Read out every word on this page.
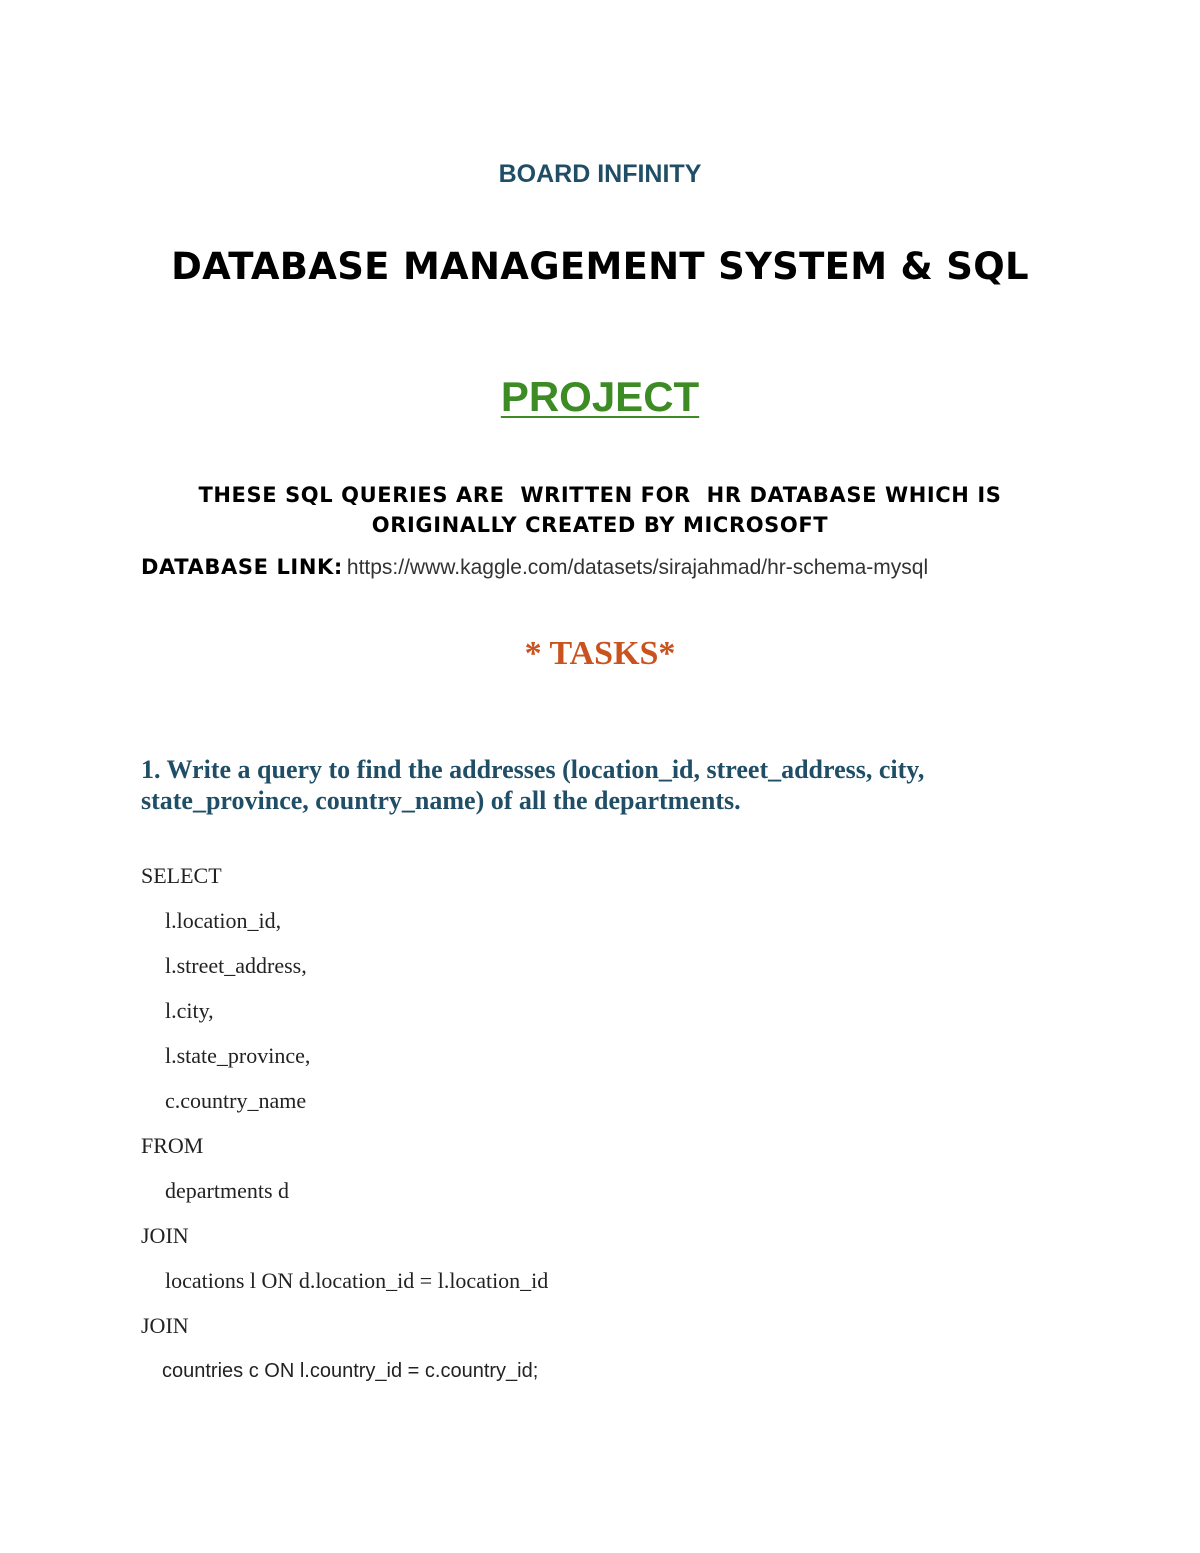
BOARD INFINITY
DATABASE MANAGEMENT SYSTEM & SQL
PROJECT
THESE SQL QUERIES ARE  WRITTEN FOR  HR DATABASE WHICH IS
ORIGINALLY CREATED BY MICROSOFT
DATABASE LINK: https://www.kaggle.com/datasets/sirajahmad/hr-schema-mysql
* TASKS*
1. Write a query to find the addresses (location_id, street_address, city, state_province, country_name) of all the departments.
SELECT
l.location_id,
l.street_address,
l.city,
l.state_province,
c.country_name
FROM
departments d
JOIN
locations l ON d.location_id = l.location_id
JOIN
countries c ON l.country_id = c.country_id;
